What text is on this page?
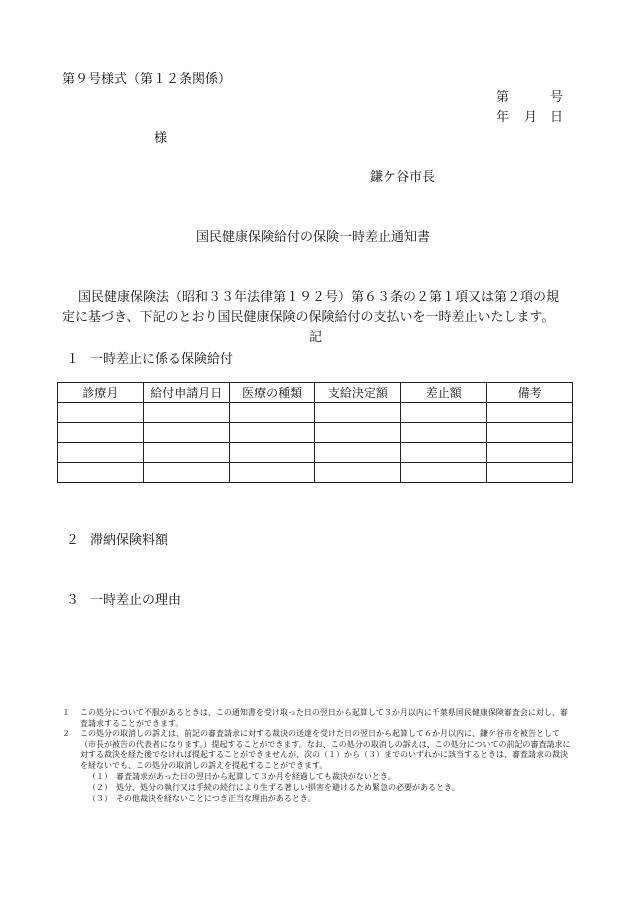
第９号様式（第１２条関係）
第	号
年 月 日
様
鎌ケ谷市長
国民健康保険給付の保険一時差止通知書
国民健康保険法（昭和３３年法律第１９２号）第６３条の２第１項又は第２項の規
定に基づき、下記のとおり国民健康保険の保険給付の支払いを一時差止いたします。
記
１ 一時差止に係る保険給付
診療月	給付申請月日	医療の種類	支給決定額	差止額	備考

２ 滞納保険料額
３ 一時差止の理由
１ この処分について不服があるときは、この通知書を受け取った日の翌日から起算して３か月以内に千葉県国民健康保険審査会に対し、審査請求することができます。
２ この処分の取消しの訴えは、前記の審査請求に対する裁決の送達を受けた日の翌日から起算して６か月以内に、鎌ケ谷市を被告として（市長が被告の代表者になります。）提起することができます。なお、この処分の取消しの訴えは、この処分についての前記の審査請求に対する裁決を経た後でなければ提起することができませんが、次の（１）から（３）までのいずれかに該当するときは、審査請求の裁決を経ないでも、この処分の取消しの訴えを提起することができます。
（１）　審査請求があった日の翌日から起算して３か月を経過しても裁決がないとき。
（２）　処分、処分の執行又は手続の続行により生ずる著しい損害を避けるため緊急の必要があるとき。
（３）　その他裁決を経ないことにつき正当な理由があるとき。
